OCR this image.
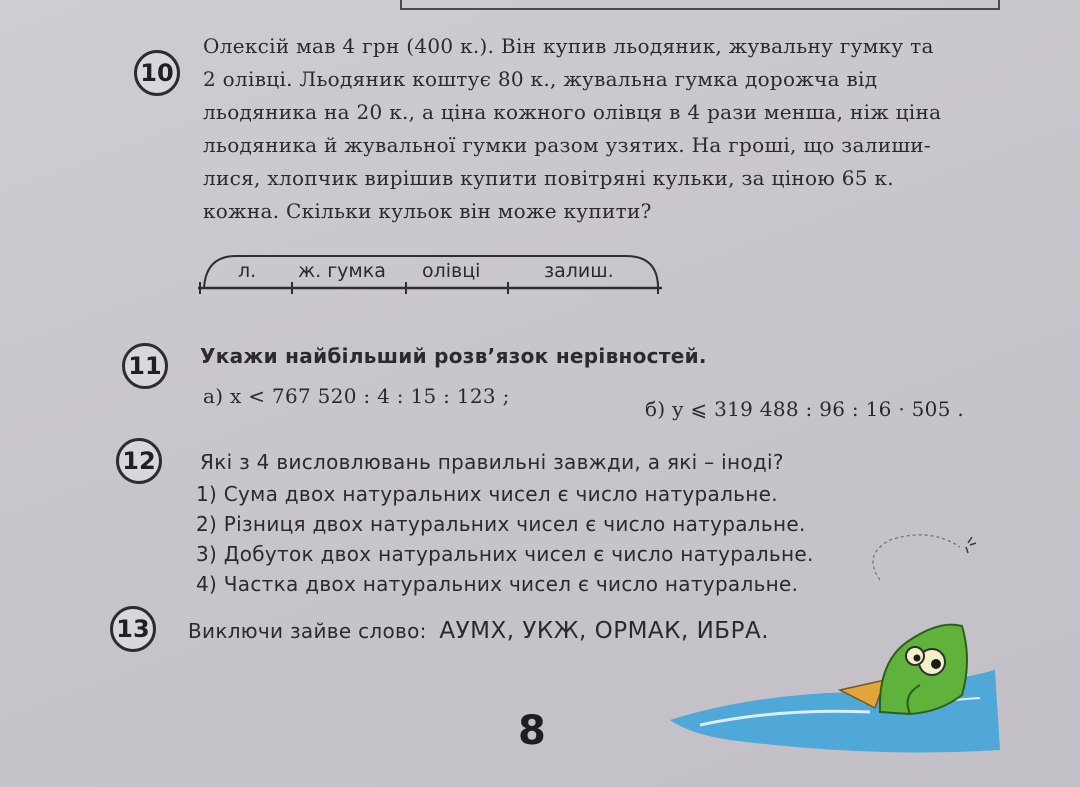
10
Олексій мав 4 грн (400 к.). Він купив льодяник, жувальну гумку та
2 олівці. Льодяник коштує 80 к., жувальна гумка дорожча від
льодяника на 20 к., а ціна кожного олівця в 4 рази менша, ніж ціна
льодяника й жувальної гумки разом узятих. На гроші, що залиши-
лися, хлопчик вирішив купити повітряні кульки, за ціною 65 к.
кожна. Скільки кульок він може купити?
л. ж. гумка олівці	залиш.
11	Укажи найбільший розв’язок нерівностей.
а) x < 767 520 : 4 : 15 : 123 ;
б) y ⩽ 319 488 : 96 : 16 · 505 .
12	Які з 4 висловлювань правильні завжди, а які – іноді?
1) Сума двох натуральних чисел є число натуральне.
2) Різниця двох натуральних чисел є число натуральне.
3) Добуток двох натуральних чисел є число натуральне.
4) Частка двох натуральних чисел є число натуральне.
13	Виключи зайве слово: АУМХ, УКЖ, ОРМАК, ИБРА.
8
